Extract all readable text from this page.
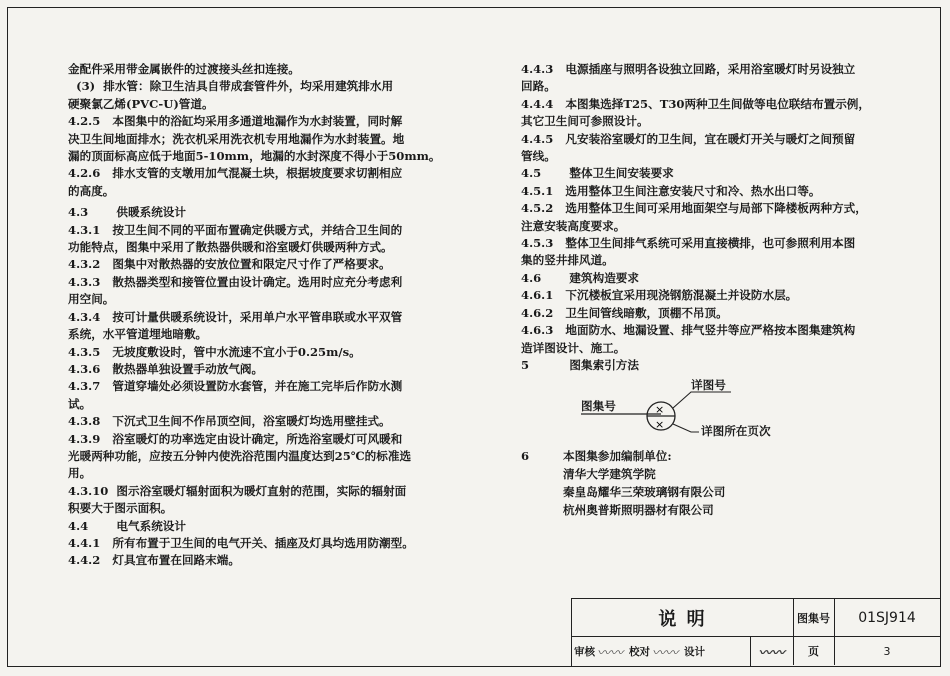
金配件采用带金属嵌件的过渡接头丝扣连接。

(3)  排水管：除卫生洁具自带成套管件外，均采用建筑排水用

硬聚氯乙烯(PVC-U)管道。

4.2.5   本图集中的浴缸均采用多通道地漏作为水封装置，同时解

决卫生间地面排水；洗衣机采用洗衣机专用地漏作为水封装置。地

漏的顶面标高应低于地面5-10mm，地漏的水封深度不得小于50mm。

4.2.6   排水支管的支墩用加气混凝土块，根据坡度要求切割相应

的高度。

4.3       供暖系统设计

4.3.1   按卫生间不同的平面布置确定供暖方式，并结合卫生间的

功能特点，图集中采用了散热器供暖和浴室暖灯供暖两种方式。

4.3.2   图集中对散热器的安放位置和限定尺寸作了严格要求。

4.3.3   散热器类型和接管位置由设计确定。选用时应充分考虑利

用空间。

4.3.4   按可计量供暖系统设计，采用单户水平管串联或水平双管

系统，水平管道埋地暗敷。

4.3.5   无坡度敷设时，管中水流速不宜小于0.25m/s。

4.3.6   散热器单独设置手动放气阀。

4.3.7   管道穿墙处必须设置防水套管，并在施工完毕后作防水测

试。

4.3.8   下沉式卫生间不作吊顶空间，浴室暖灯均选用壁挂式。

4.3.9   浴室暖灯的功率选定由设计确定，所选浴室暖灯可风暖和

光暖两种功能，应按五分钟内使洗浴范围内温度达到25℃的标准选

用。

4.3.10  图示浴室暖灯辐射面积为暖灯直射的范围，实际的辐射面

积要大于图示面积。

4.4       电气系统设计

4.4.1   所有布置于卫生间的电气开关、插座及灯具均选用防潮型。

4.4.2   灯具宜布置在回路末端。

4.4.3   电源插座与照明各设独立回路，采用浴室暖灯时另设独立

回路。

4.4.4   本图集选择T25、T30两种卫生间做等电位联结布置示例，

其它卫生间可参照设计。

4.4.5   凡安装浴室暖灯的卫生间，宜在暖灯开关与暖灯之间预留

管线。

4.5       整体卫生间安装要求

4.5.1   选用整体卫生间注意安装尺寸和冷、热水出口等。

4.5.2   选用整体卫生间可采用地面架空与局部下降楼板两种方式，

注意安装高度要求。

4.5.3   整体卫生间排气系统可采用直接横排，也可参照利用本图

集的竖井排风道。

4.6       建筑构造要求

4.6.1   下沉楼板宜采用现浇钢筋混凝土并设防水层。

4.6.2   卫生间管线暗敷，顶棚不吊顶。

4.6.3   地面防水、地漏设置、排气竖井等应严格按本图集建筑构

造详图设计、施工。

5          图集索引方法

×
×
详图号
图集号
详图所在页次
6	本图集参加编制单位:
清华大学建筑学院
秦皇岛耀华三荣玻璃钢有限公司
杭州奥普斯照明器材有限公司
说 明	图集号	01SJ914
审核 〰〰 校对 〰〰 设计	〰〰	页	3
